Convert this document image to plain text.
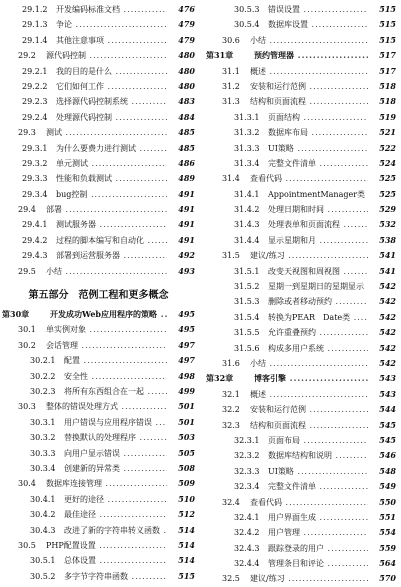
29.1.2 开发编码标准文档 .....	476
29.1.3 争论 .....	479
29.1.4 其他注意事项 .....	479
29.2 源代码控制 .....	480
29.2.1 我的目的是什么 .....	480
29.2.2 它们如何工作 .....	480
29.2.3 选择源代码控制系统 .....	483
29.2.4 处理源代码控制 .....	484
29.3 测试 .....	485
29.3.1 为什么要费力进行测试 .....	485
29.3.2 单元测试 .....	486
29.3.3 性能和负载测试 .....	489
29.3.4 bug控制 .....	491
29.4 部署 .....	491
29.4.1 测试服务器 .....	491
29.4.2 过程的脚本编写和自动化 .....	491
29.4.3 部署到运营服务器 .....	492
29.5 小结 .....	493
第五部分　范例工程和更多概念
第30章	开发成功Web应用程序的策略 .....	495
30.1 单实例对象 .....	495
30.2 会话管理 .....	497
30.2.1 配置 .....	497
30.2.2 安全性 .....	498
30.2.3 将所有东西组合在一起 .....	499
30.3 整体的错误处理方式 .....	501
30.3.1 用户错误与应用程序错误 .....	501
30.3.2 替换默认的处理程序 .....	503
30.3.3 向用户显示错误 .....	505
30.3.4 创建新的异常类 .....	508
30.4 数据库连接管理 .....	509
30.4.1 更好的途径 .....	510
30.4.2 最佳途径 .....	512
30.4.3 改进了新的字符串转义函数 .....	514
30.5 PHP配置设置 .....	514
30.5.1 总体设置 .....	514
30.5.2 多字节字符串函数 .....	515
30.5.3 错误设置 .....	515
30.5.4 数据库设置 .....	515
30.6 小结 .....	515
第31章	预约管理器 .....	517
31.1 概述 .....	517
31.2 安装和运行范例 .....	518
31.3 结构和页面流程 .....	518
31.3.1 页面结构 .....	519
31.3.2 数据库布局 .....	521
31.3.3 UI策略 .....	522
31.3.4 完整文件清单 .....	524
31.4 查看代码 .....	525
31.4.1 AppointmentManager类 .....	525
31.4.2 处理日期和时间 .....	529
31.4.3 处理表单和页面流程 .....	532
31.4.4 显示星期和月 .....	538
31.5 建议/练习 .....	541
31.5.1 改变天视图和周视图 .....	541
31.5.2 星期一到星期日的星期显示 .....	542
31.5.3 删除或者移动预约 .....	542
31.5.4 转换为PEAR　Date类 .....	542
31.5.5 允许重叠预约 .....	542
31.5.6 构成多用户系统 .....	542
31.6 小结 .....	542
第32章	博客引擎 .....	543
32.1 概述 .....	543
32.2 安装和运行范例 .....	544
32.3 结构和页面流程 .....	545
32.3.1 页面布局 .....	545
32.3.2 数据库结构和说明 .....	546
32.3.3 UI策略 .....	548
32.3.4 完整文件清单 .....	549
32.4 查看代码 .....	550
32.4.1 用户界面生成 .....	551
32.4.2 用户管理 .....	554
32.4.3 跟踪登录的用户 .....	559
32.4.4 管理条目和评论 .....	564
32.5 建议/练习 .....	570
